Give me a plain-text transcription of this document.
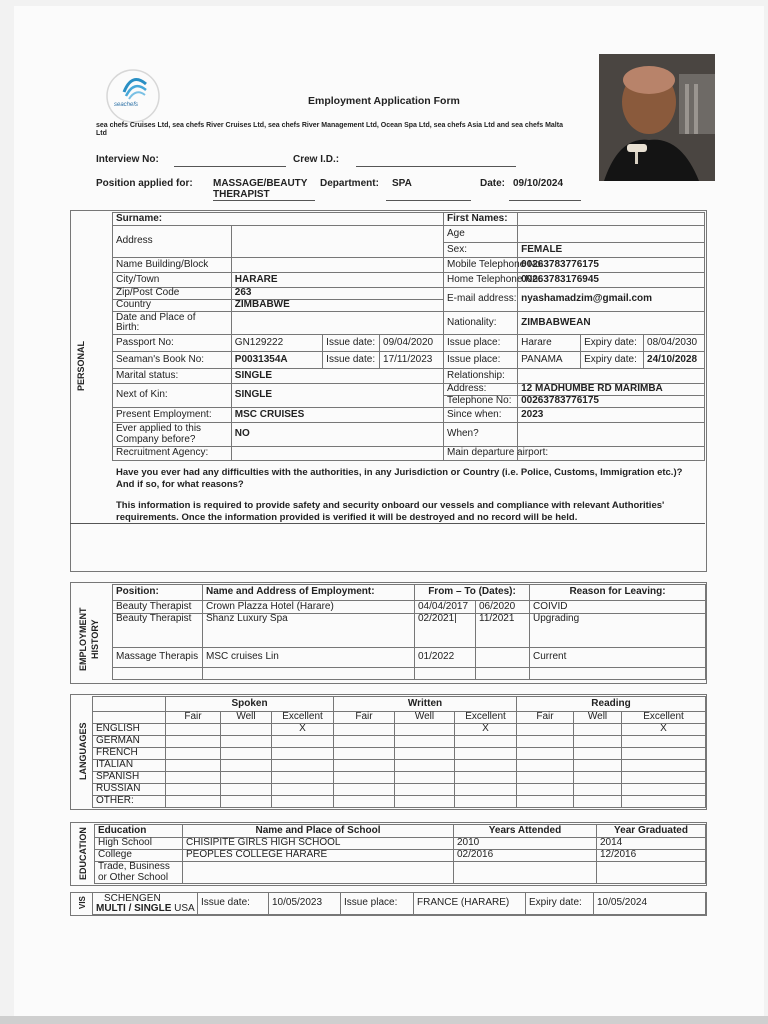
seachefs	Employment Application Form
sea chefs Cruises Ltd, sea chefs River Cruises Ltd, sea chefs River Management Ltd, Ocean Spa Ltd, sea chefs Asia Ltd and sea chefs Malta Ltd

Interview No:	Crew I.D.:
Position applied for: MASSAGE/BEAUTY
THERAPIST
Department: SPA	Date: 09/10/2024
PERSONAL
Surname:				First Names:			
Address				Age			
				Sex:	FEMALE		
Name Building/Block				Mobile Telephone No:	00263783776175		
City/Town	HARARE			Home Telephone No:	00263783176945		
Zip/Post Code	263			E-mail address:	nyashamadzim@gmail.com		
Country	ZIMBABWE						
Date and Place of
Birth:				Nationality:	ZIMBABWEAN		
Passport No:	GN129222	Issue date:	09/04/2020	Issue place:	Harare	Expiry date:	08/04/2030
Seaman's Book No:	P0031354A	Issue date:	17/11/2023	Issue place:	PANAMA	Expiry date:	24/10/2028
Marital status:	SINGLE			Relationship:			
Next of Kin:	SINGLE			Address:	12 MADHUMBE RD MARIMBA		
				Telephone No:	00263783776175		
Present Employment:	MSC CRUISES			Since when:	2023		
Ever applied to this
Company before?	NO			When?			
Recruitment Agency:				Main departure airport:			
Have you ever had any difficulties with the authorities, in any Jurisdiction or Country (i.e. Police, Customs, Immigration etc.)? And if so, for what reasons?
This information is required to provide safety and security onboard our vessels and compliance with relevant Authorities' requirements. Once the information provided is verified it will be destroyed and no record will be held.
EMPLOYMENT HISTORY
Position:	Name and Address of Employment:	From – To (Dates):		Reason for Leaving:
Beauty Therapist	Crown Plazza Hotel (Harare)	04/04/2017	06/2020	COIVID
Beauty Therapist	Shanz Luxury Spa	02/2021|	11/2021	Upgrading
Massage Therapis	MSC cruises Lin	01/2022		Current

LANGUAGES
	Spoken			Written			Reading		
	Fair	Well	Excellent	Fair	Well	Excellent	Fair	Well	Excellent
ENGLISH			X			X			X
GERMAN									
FRENCH									
ITALIAN									
SPANISH									
RUSSIAN									
OTHER:									
EDUCATION Education	Name and Place of School	Years Attended	Year Graduated
High School	CHISIPITE GIRLS HIGH SCHOOL	2010	2014
College	PEOPLES COLLEGE HARARE	02/2016	12/2016
Trade, Business
or Other School			
VIS SCHENGEN
MULTI / SINGLE USA	Issue date:	10/05/2023	Issue place:	FRANCE (HARARE)	Expiry date:	10/05/2024
